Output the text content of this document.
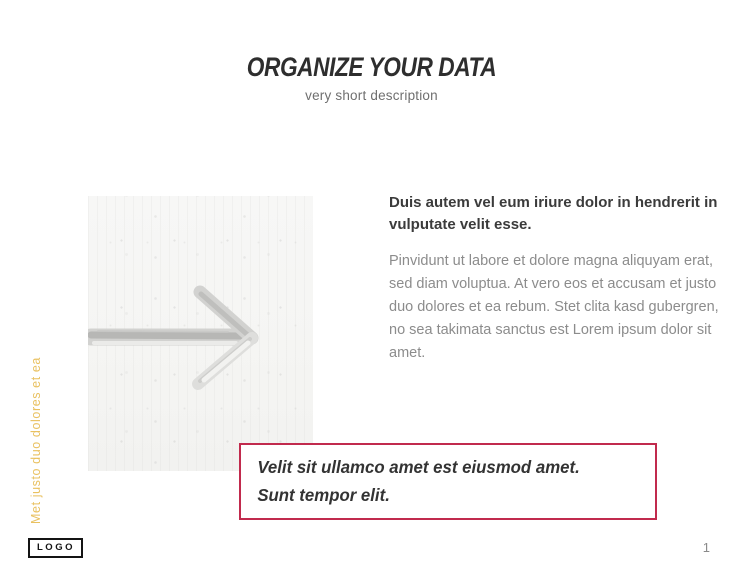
ORGANIZE YOUR DATA

very short description

Duis autem vel eum iriure dolor in hendrerit in vulputate velit esse.

Pinvidunt ut labore et dolore magna aliquyam erat, sed diam voluptua. At vero eos et accusam et justo duo dolores et ea rebum. Stet clita kasd gubergren, no sea takimata sanctus est Lorem ipsum dolor sit amet.

Velit sit ullamco amet est eiusmod amet. Sunt tempor elit.

Met justo duo dolores et ea
LOGO	1
